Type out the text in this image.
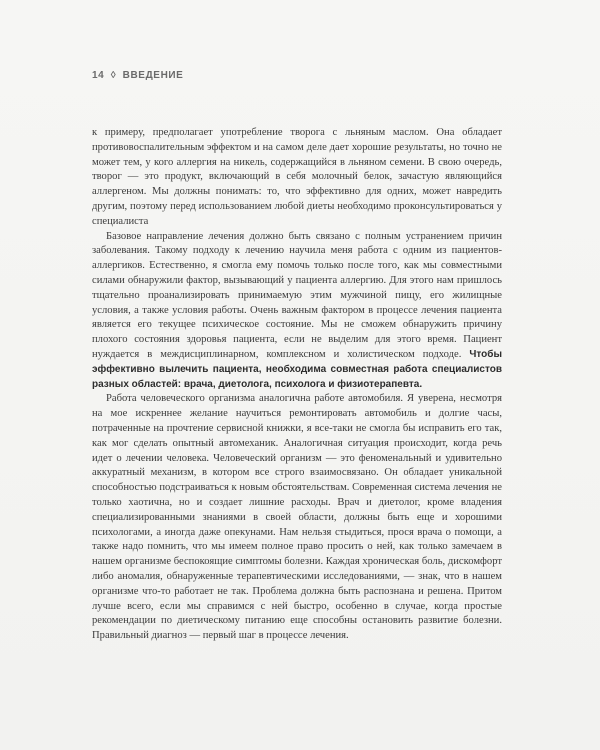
14 ◊ ВВЕДЕНИЕ

к примеру, предполагает употребление творога с льняным маслом. Она обладает противовоспалительным эффектом и на самом деле дает хорошие результаты, но точно не может тем, у кого аллергия на никель, содержащийся в льняном семени. В свою очередь, творог — это продукт, включающий в себя молочный белок, зачастую являющийся аллергеном. Мы должны понимать: то, что эффективно для одних, может навредить другим, поэтому перед использованием любой диеты необходимо проконсультироваться у специалиста

Базовое направление лечения должно быть связано с полным устранением причин заболевания. Такому подходу к лечению научила меня работа с одним из пациентов-аллергиков. Естественно, я смогла ему помочь только после того, как мы совместными силами обнаружили фактор, вызывающий у пациента аллергию. Для этого нам пришлось тщательно проанализировать принимаемую этим мужчиной пищу, его жилищные условия, а также условия работы. Очень важным фактором в процессе лечения пациента является его текущее психическое состояние. Мы не сможем обнаружить причину плохого состояния здоровья пациента, если не выделим для этого время. Пациент нуждается в междисциплинарном, комплексном и холистическом подходе. Чтобы эффективно вылечить пациента, необходима совместная работа специалистов разных областей: врача, диетолога, психолога и физиотерапевта.

Работа человеческого организма аналогична работе автомобиля. Я уверена, несмотря на мое искреннее желание научиться ремонтировать автомобиль и долгие часы, потраченные на прочтение сервисной книжки, я все-таки не смогла бы исправить его так, как мог сделать опытный автомеханик. Аналогичная ситуация происходит, когда речь идет о лечении человека. Человеческий организм — это феноменальный и удивительно аккуратный механизм, в котором все строго взаимосвязано. Он обладает уникальной способностью подстраиваться к новым обстоятельствам. Современная система лечения не только хаотична, но и создает лишние расходы. Врач и диетолог, кроме владения специализированными знаниями в своей области, должны быть еще и хорошими психологами, а иногда даже опекунами. Нам нельзя стыдиться, прося врача о помощи, а также надо помнить, что мы имеем полное право просить о ней, как только замечаем в нашем организме беспокоящие симптомы болезни. Каждая хроническая боль, дискомфорт либо аномалия, обнаруженные терапевтическими исследованиями, — знак, что в нашем организме что-то работает не так. Проблема должна быть распознана и решена. Притом лучше всего, если мы справимся с ней быстро, особенно в случае, когда простые рекомендации по диетическому питанию еще способны остановить развитие болезни. Правильный диагноз — первый шаг в процессе лечения.
